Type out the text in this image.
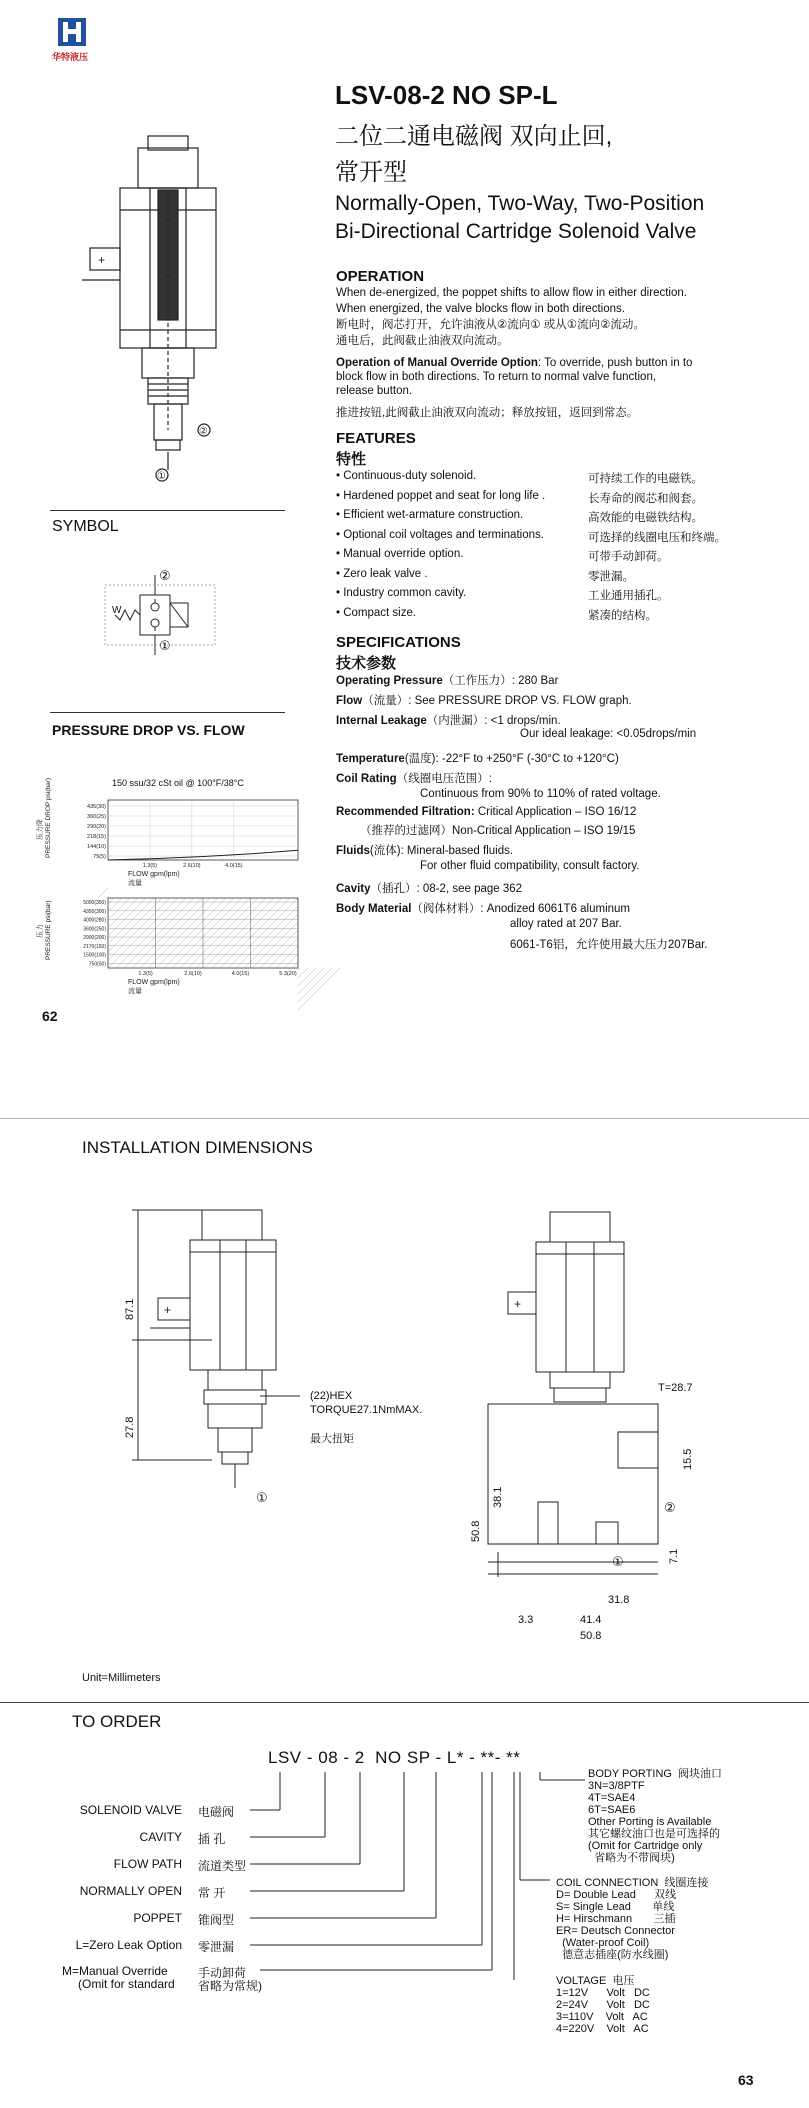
华特液压
LSV-08-2 NO SP-L
二位二通电磁阀 双向止回,
常开型
Normally-Open, Two-Way, Two-Position
Bi-Directional Cartridge Solenoid Valve
+
②
①
OPERATION
When de-energized, the poppet shifts to allow flow in either direction.
When energized, the valve blocks flow in both directions.
断电时，阀芯打开，允许油液从②流向① 或从①流向②流动。
通电后，此阀截止油液双向流动。
Operation of Manual Override Option: To override, push button in to
block flow in both directions. To return to normal valve function,
release button.
推进按钮,此阀截止油液双向流动；释放按钮，返回到常态。
FEATURES
特性
• Continuous-duty solenoid.	可持续工作的电磁铁。
• Hardened poppet and seat for long life .	长寿命的阀芯和阀套。
• Efficient wet-armature construction.	高效能的电磁铁结构。
• Optional coil voltages and terminations.	可选择的线圈电压和终端。
• Manual override option.	可带手动卸荷。
• Zero leak valve .	零泄漏。
• Industry common cavity.	工业通用插孔。
• Compact size.	紧凑的结构。
SPECIFICATIONS
技术参数
Operating Pressure（工作压力）: 280 Bar
Flow（流量）: See PRESSURE DROP VS. FLOW graph.
Internal Leakage（内泄漏）: <1 drops/min.
Our ideal leakage: <0.05drops/min
Temperature(温度): -22°F to +250°F (-30°C to +120°C)
Coil Rating（线圈电压范围）:
Continuous from 90% to 110% of rated voltage.
Recommended Filtration: Critical Application – ISO 16/12
（推荐的过滤网）Non-Critical Application – ISO 19/15
Fluids(流体): Mineral-based fluids.
For other fluid compatibility, consult factory.
Cavity（插孔）: 08-2, see page 362
Body Material（阀体材料）: Anodized 6061T6 aluminum
alloy rated at 207 Bar.
6061-T6铝，允许使用最大压力207Bar.
SYMBOL
②
①
W
PRESSURE DROP VS. FLOW
150 ssu/32 cSt oil @ 100°F/38°C
435(30)
360(25)
290(20)
218(15)
144(10)
75(5)
1.3(5)	2.6(10)	4.0(15)
FLOW gpm(lpm)
流量
PRESSURE DROP psi(bar)
压力降
5000(350)
4350(300)
4000(280)
3600(250)
2900(200)
2170(150)
1500(100)
750(50)
1.3(5)	2.6(10)	4.0(15)	5.3(20)
FLOW gpm(lpm)
流量
PRESSURE psi(bar)
压力
62
INSTALLATION DIMENSIONS
+
87.1
27.8
(22)HEX
TORQUE27.1NmMAX.
最大扭矩
①
+
T=28.7
15.5
50.8
38.1
7.1
31.8
3.3	41.4
50.8
②
①
Unit=Millimeters
TO ORDER
LSV - 08 - 2  NO SP - L* - **- **
SOLENOID VALVE 电磁阀
CAVITY 插 孔
FLOW PATH 流道类型
NORMALLY OPEN 常 开
POPPET 锥阀型
L=Zero Leak Option 零泄漏
M=Manual Override
(Omit for standard
手动卸荷
省略为常规)
BODY PORTING  阀块油口
3N=3/8PTF
4T=SAE4
6T=SAE6
Other Porting is Available
其它螺纹油口也是可选择的
(Omit for Cartridge only
省略为不带阀块)
COIL CONNECTION  线圈连接
D= Double Lead      双线
S= Single Lead       单线
H= Hirschmann       三插
ER= Deutsch Connector
(Water-proof Coil)
德意志插座(防水线圈)
VOLTAGE  电压
1=12V      Volt   DC
2=24V      Volt   DC
3=110V    Volt   AC
4=220V    Volt   AC
63
